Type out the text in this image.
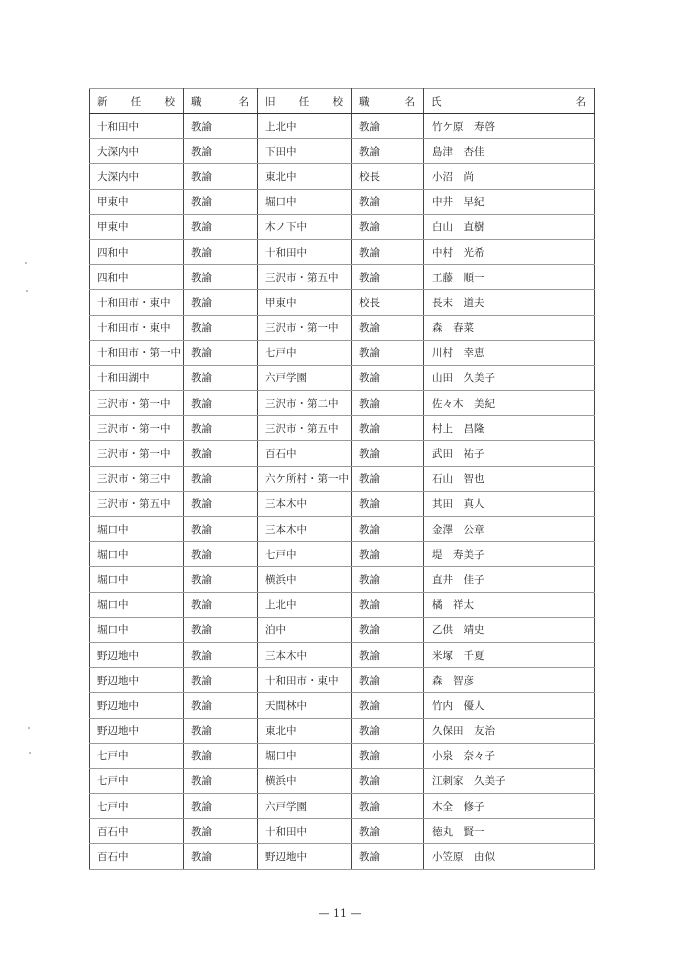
新 任 校	職 名	旧 任 校	職 名	氏 名

十和田中	教諭	上北中	教諭	竹ケ原　寿啓
大深内中	教諭	下田中	教諭	島津　杏佳
大深内中	教諭	東北中	校長	小沼　尚
甲東中	教諭	堀口中	教諭	中井　早紀
甲東中	教諭	木ノ下中	教諭	白山　直樹
四和中	教諭	十和田中	教諭	中村　光希
四和中	教諭	三沢市・第五中	教諭	工藤　順一
十和田市・東中	教諭	甲東中	校長	長末　道夫
十和田市・東中	教諭	三沢市・第一中	教諭	森　春菜
十和田市・第一中	教諭	七戸中	教諭	川村　幸恵
十和田湖中	教諭	六戸学園	教諭	山田　久美子
三沢市・第一中	教諭	三沢市・第二中	教諭	佐々木　美紀
三沢市・第一中	教諭	三沢市・第五中	教諭	村上　昌隆
三沢市・第一中	教諭	百石中	教諭	武田　祐子
三沢市・第三中	教諭	六ケ所村・第一中	教諭	石山　智也
三沢市・第五中	教諭	三本木中	教諭	其田　真人
堀口中	教諭	三本木中	教諭	金澤　公章
堀口中	教諭	七戸中	教諭	堤　寿美子
堀口中	教諭	横浜中	教諭	直井　佳子
堀口中	教諭	上北中	教諭	橘　祥太
堀口中	教諭	泊中	教諭	乙供　靖史
野辺地中	教諭	三本木中	教諭	米塚　千夏
野辺地中	教諭	十和田市・東中	教諭	森　智彦
野辺地中	教諭	天間林中	教諭	竹内　優人
野辺地中	教諭	東北中	教諭	久保田　友治
七戸中	教諭	堀口中	教諭	小泉　奈々子
七戸中	教諭	横浜中	教諭	江刺家　久美子
七戸中	教諭	六戸学園	教諭	木全　修子
百石中	教諭	十和田中	教諭	徳丸　賢一
百石中	教諭	野辺地中	教諭	小笠原　由似
— 11 —
